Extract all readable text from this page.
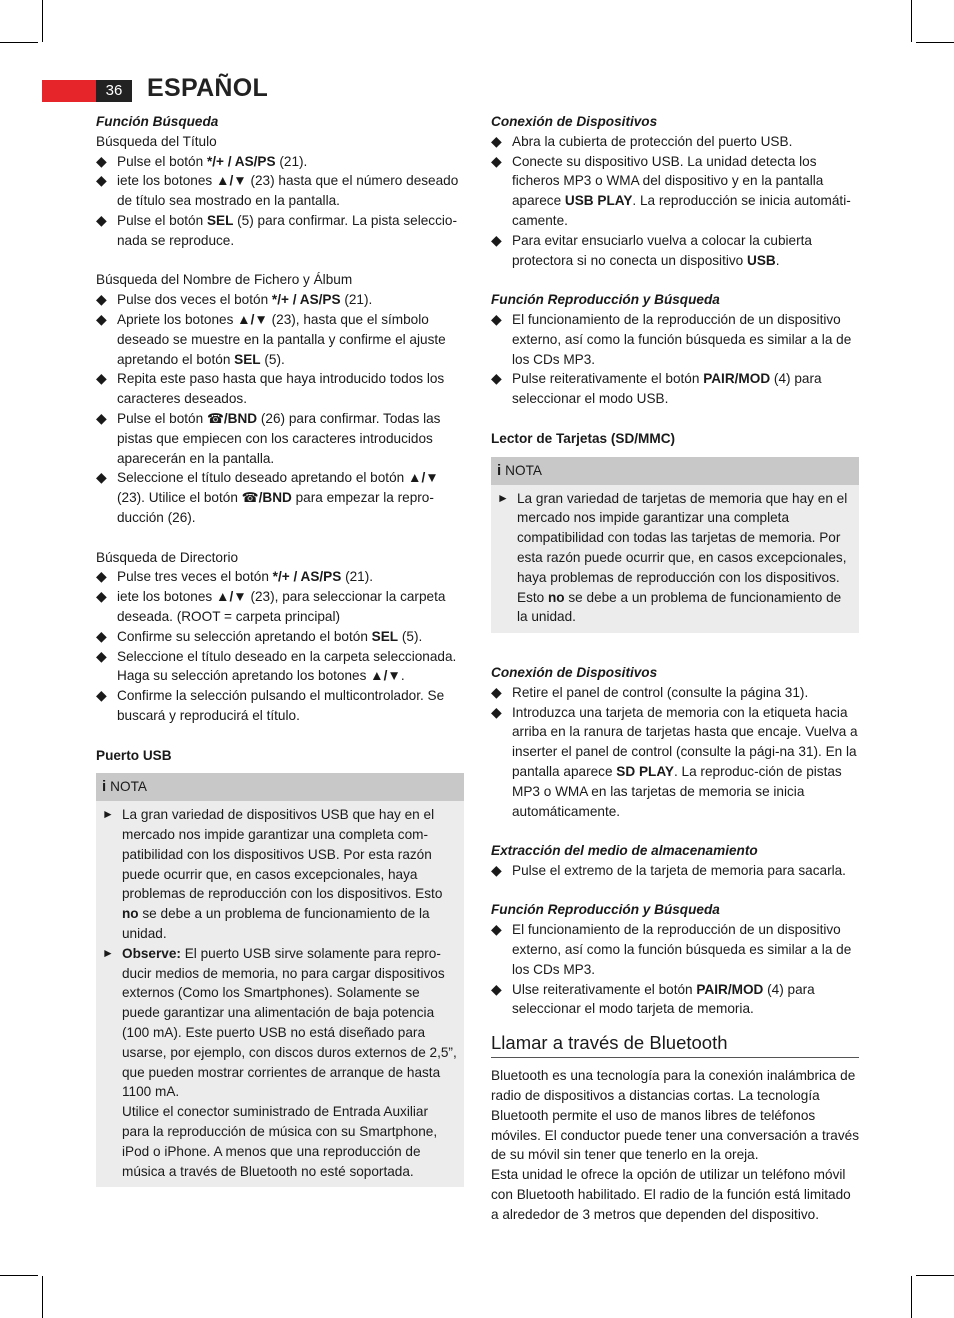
36 ESPAÑOL
Función Búsqueda
Búsqueda del Título
◆ Pulse el botón */+ / AS/PS (21).
◆ iete los botones ▲/▼ (23) hasta que el número deseado de título sea mostrado en la pantalla.
◆ Pulse el botón SEL (5) para confirmar. La pista seleccio-nada se reproduce.
Búsqueda del Nombre de Fichero y Álbum
◆ Pulse dos veces el botón */+ / AS/PS (21).
◆ Apriete los botones ▲/▼ (23), hasta que el símbolo deseado se muestre en la pantalla y confirme el ajuste apretando el botón SEL (5).
◆ Repita este paso hasta que haya introducido todos los caracteres deseados.
◆ Pulse el botón ☎/BND (26) para confirmar. Todas las pistas que empiecen con los caracteres introducidos aparecerán en la pantalla.
◆ Seleccione el título deseado apretando el botón ▲/▼ (23). Utilice el botón ☎/BND para empezar la repro-ducción (26).
Búsqueda de Directorio
◆ Pulse tres veces el botón */+ / AS/PS (21).
◆ iete los botones ▲/▼ (23), para seleccionar la carpeta deseada. (ROOT = carpeta principal)
◆ Confirme su selección apretando el botón SEL (5).
◆ Seleccione el título deseado en la carpeta seleccionada. Haga su selección apretando los botones ▲/▼.
◆ Confirme la selección pulsando el multicontrolador. Se buscará y reproducirá el título.
Puerto USB
i NOTA
► La gran variedad de dispositivos USB que hay en el mercado nos impide garantizar una completa com-patibilidad con los dispositivos USB. Por esta razón puede ocurrir que, en casos excepcionales, haya problemas de reproducción con los dispositivos. Esto no se debe a un problema de funcionamiento de la unidad.
► Observe: El puerto USB sirve solamente para repro-ducir medios de memoria, no para cargar dispositivos externos (Como los Smartphones). Solamente se puede garantizar una alimentación de baja potencia (100 mA). Este puerto USB no está diseñado para usarse, por ejemplo, con discos duros externos de 2,5”, que pueden mostrar corrientes de arranque de hasta 1100 mA.
Utilice el conector suministrado de Entrada Auxiliar para la reproducción de música con su Smartphone, iPod o iPhone. A menos que una reproducción de música a través de Bluetooth no esté soportada.
Conexión de Dispositivos
◆ Abra la cubierta de protección del puerto USB.
◆ Conecte su dispositivo USB. La unidad detecta los ficheros MP3 o WMA del dispositivo y en la pantalla aparece USB PLAY. La reproducción se inicia automáti-camente.
◆ Para evitar ensuciarlo vuelva a colocar la cubierta protectora si no conecta un dispositivo USB.
Función Reproducción y Búsqueda
◆ El funcionamiento de la reproducción de un dispositivo externo, así como la función búsqueda es similar a la de los CDs MP3.
◆ Pulse reiterativamente el botón PAIR/MOD (4) para seleccionar el modo USB.
Lector de Tarjetas (SD/MMC)
i NOTA
► La gran variedad de tarjetas de memoria que hay en el mercado nos impide garantizar una completa compatibilidad con todas las tarjetas de memoria. Por esta razón puede ocurrir que, en casos excepcionales, haya problemas de reproducción con los dispositivos. Esto no se debe a un problema de funcionamiento de la unidad.
Conexión de Dispositivos
◆ Retire el panel de control (consulte la página 31).
◆ Introduzca una tarjeta de memoria con la etiqueta hacia arriba en la ranura de tarjetas hasta que encaje. Vuelva a inserter el panel de control (consulte la pági-na 31). En la pantalla aparece SD PLAY. La reproduc-ción de pistas MP3 o WMA en las tarjetas de memoria se inicia automáticamente.
Extracción del medio de almacenamiento
◆ Pulse el extremo de la tarjeta de memoria para sacarla.
Función Reproducción y Búsqueda
◆ El funcionamiento de la reproducción de un dispositivo externo, así como la función búsqueda es similar a la de los CDs MP3.
◆ Ulse reiterativamente el botón PAIR/MOD (4) para seleccionar el modo tarjeta de memoria.
Llamar a través de Bluetooth
Bluetooth es una tecnología para la conexión inalámbrica de radio de dispositivos a distancias cortas. La tecnología Bluetooth permite el uso de manos libres de teléfonos móviles. El conductor puede tener una conversación a través de su móvil sin tener que tenerlo en la oreja.
Esta unidad le ofrece la opción de utilizar un teléfono móvil con Bluetooth habilitado. El radio de la función está limitado a alrededor de 3 metros que dependen del dispositivo.
